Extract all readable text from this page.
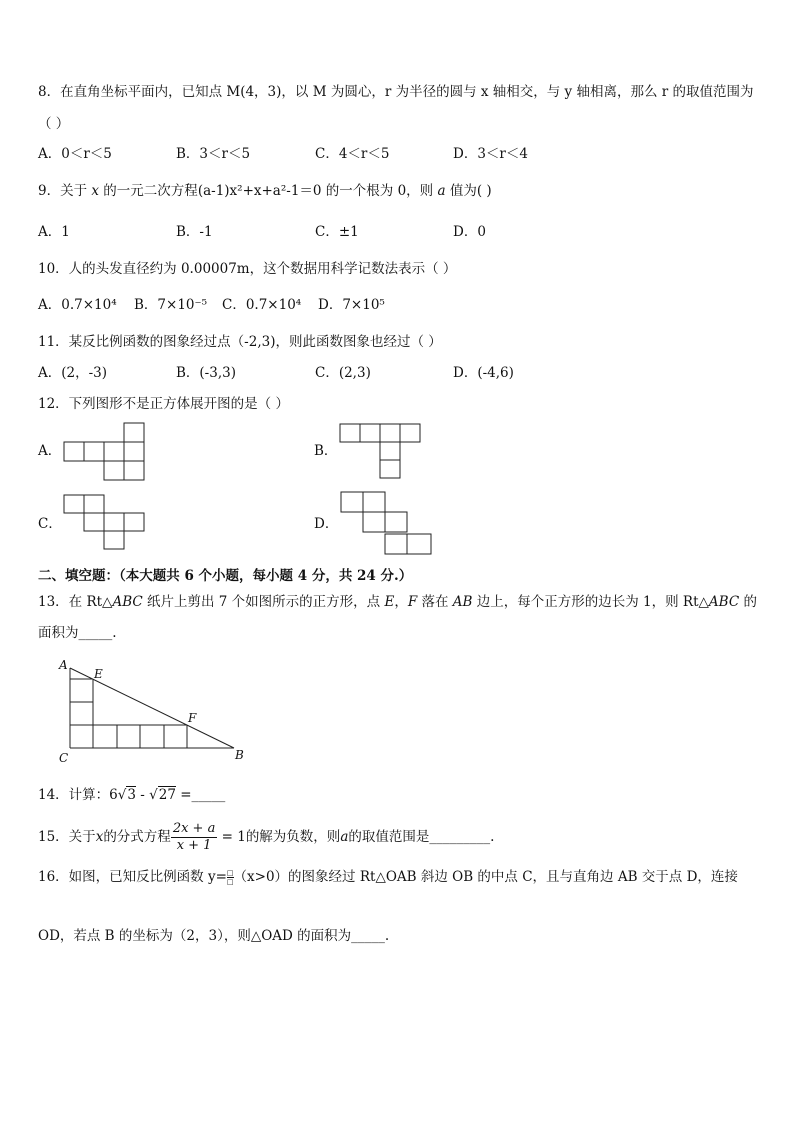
8．在直角坐标平面内，已知点 M(4，3)，以 M 为圆心，r 为半径的圆与 x 轴相交，与 y 轴相离，那么 r 的取值范围为
（ ）
A．0＜r＜5	B．3＜r＜5	C．4＜r＜5	D．3＜r＜4
9．关于 x 的一元二次方程(a-1)x²+x+a²-1＝0 的一个根为 0，则 a 值为( )
A．1	B．-1	C．±1	D．0
10．人的头发直径约为 0.00007m，这个数据用科学记数法表示（ ）
A．0.7×10⁴ B．7×10⁻⁵ C．0.7×10⁴ D．7×10⁵
11．某反比例函数的图象经过点（-2,3)，则此函数图象也经过（ ）
A．(2，-3)	B．(-3,3)	C．(2,3)	D．(-4,6)
12．下列图形不是正方体展开图的是（ ）
A．	B．
C．	D．
二、填空题：（本大题共 6 个小题，每小题 4 分，共 24 分.）
13．在 Rt△ABC 纸片上剪出 7 个如图所示的正方形，点 E，F 落在 AB 边上，每个正方形的边长为 1，则 Rt△ABC 的
面积为_____.
A
E
F
C	B
14．计算：6√3 - √27 =_____
15．关于x的分式方程 $\frac{2x + a}{x + 1} = 1$的解为负数，则a的取值范围是_________.
16．如图，已知反比例函数 y= □
□ （x>0）的图象经过 Rt△OAB 斜边 OB 的中点 C，且与直角边 AB 交于点 D，连接
OD，若点 B 的坐标为（2，3），则△OAD 的面积为_____.
